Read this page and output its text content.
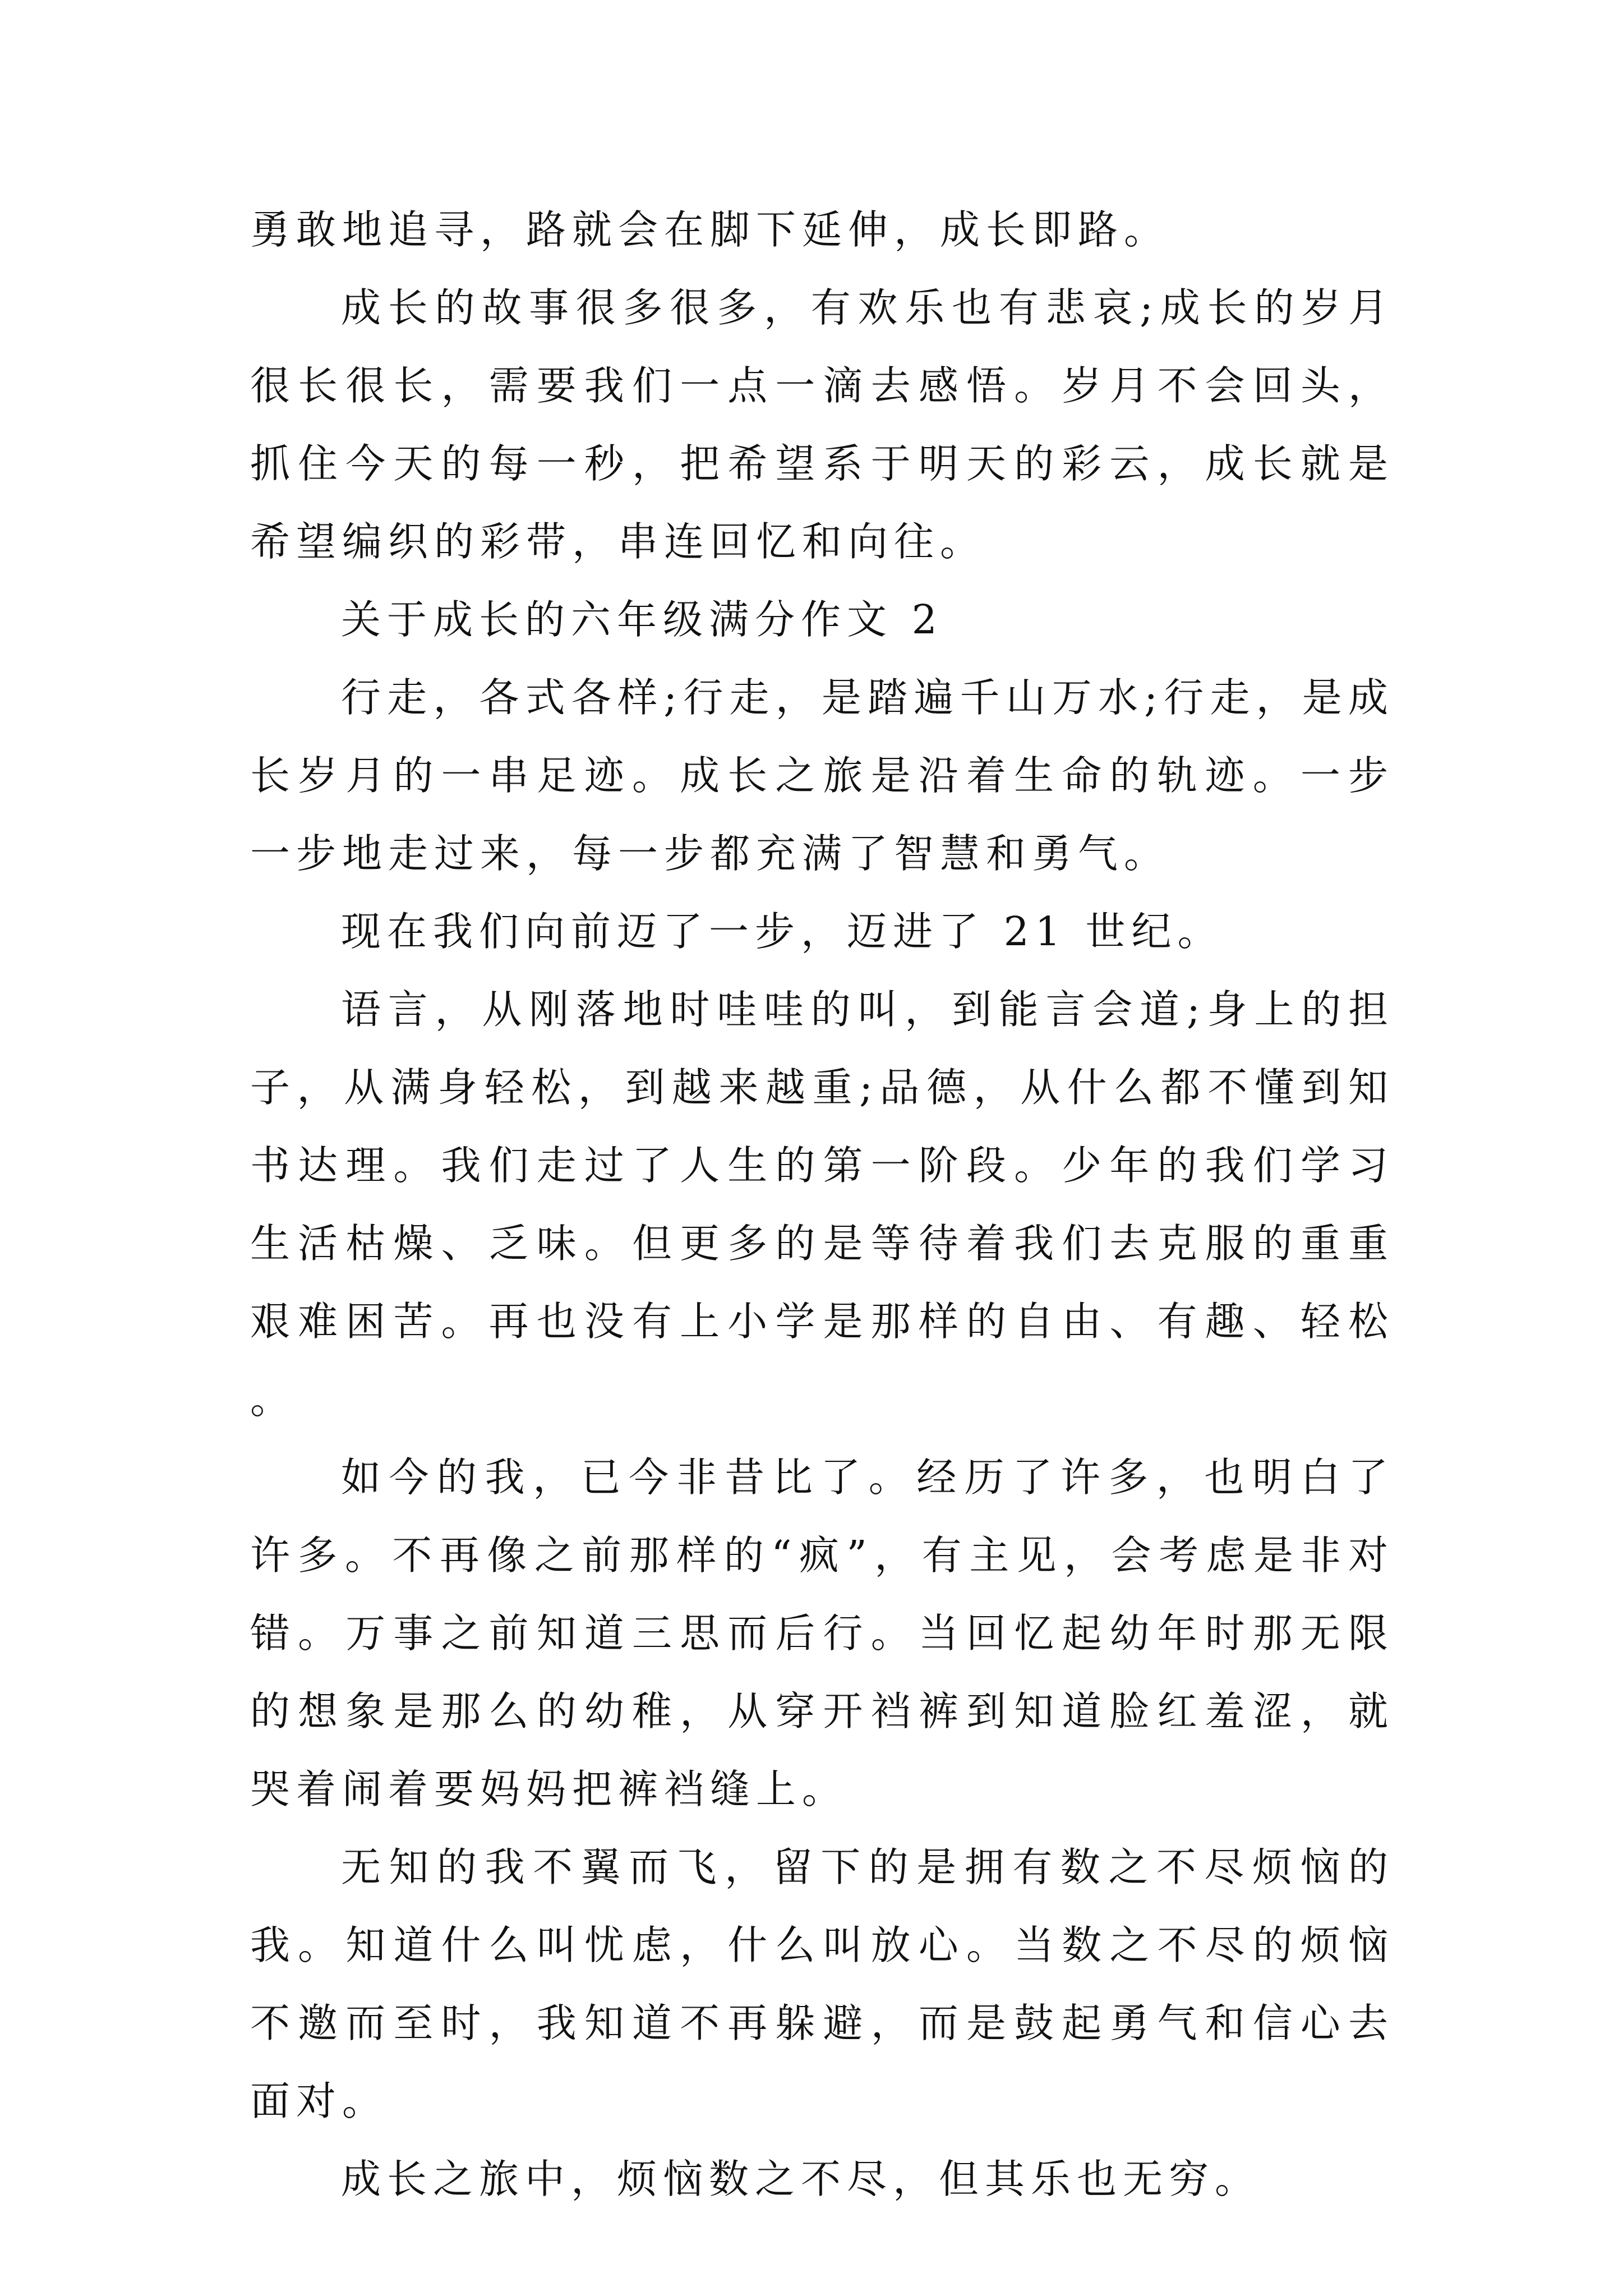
勇敢地追寻，路就会在脚下延伸，成长即路。

成长的故事很多很多，有欢乐也有悲哀;成长的岁月很长很长，需要我们一点一滴去感悟。岁月不会回头，抓住今天的每一秒，把希望系于明天的彩云，成长就是希望编织的彩带，串连回忆和向往。

关于成长的六年级满分作文 2

行走，各式各样;行走，是踏遍千山万水;行走，是成长岁月的一串足迹。成长之旅是沿着生命的轨迹。一步一步地走过来，每一步都充满了智慧和勇气。

现在我们向前迈了一步，迈进了 21 世纪。

语言，从刚落地时哇哇的叫，到能言会道;身上的担子，从满身轻松，到越来越重;品德，从什么都不懂到知书达理。我们走过了人生的第一阶段。少年的我们学习生活枯燥、乏味。但更多的是等待着我们去克服的重重艰难困苦。再也没有上小学是那样的自由、有趣、轻松。

如今的我，已今非昔比了。经历了许多，也明白了许多。不再像之前那样的“疯”，有主见，会考虑是非对错。万事之前知道三思而后行。当回忆起幼年时那无限的想象是那么的幼稚，从穿开裆裤到知道脸红羞涩，就哭着闹着要妈妈把裤裆缝上。

无知的我不翼而飞，留下的是拥有数之不尽烦恼的我。知道什么叫忧虑，什么叫放心。当数之不尽的烦恼不邀而至时，我知道不再躲避，而是鼓起勇气和信心去面对。

成长之旅中，烦恼数之不尽，但其乐也无穷。
